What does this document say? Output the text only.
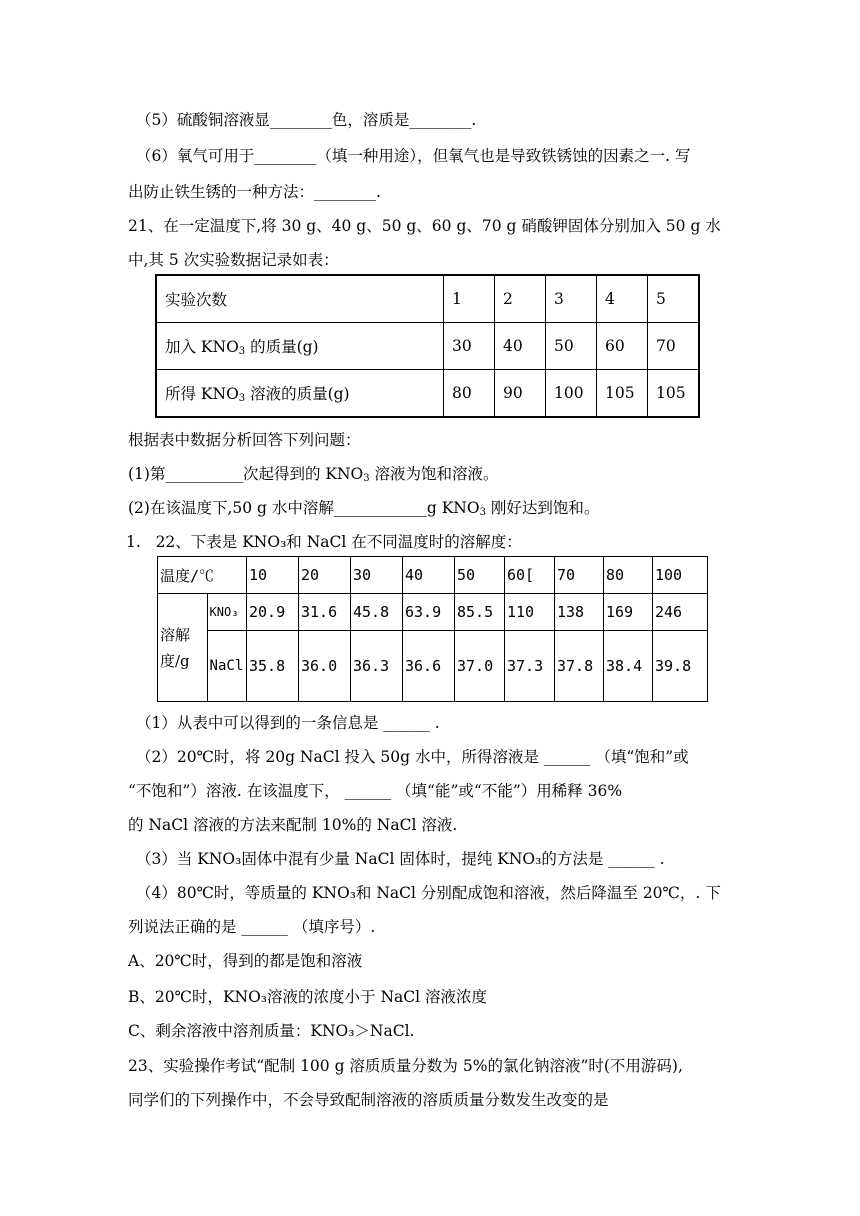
（5）硫酸铜溶液显________色，溶质是________.
（6）氧气可用于________（填一种用途），但氧气也是导致铁锈蚀的因素之一. 写
出防止铁生锈的一种方法：________.
21、在一定温度下,将 30 g、40 g、50 g、60 g、70 g 硝酸钾固体分别加入 50 g 水
中,其 5 次实验数据记录如表：
实验次数	1	2	3	4	5
加入 $KNO_3$ 的质量(g)	30	40	50	60	70
所得 $KNO_3$ 溶液的质量(g)	80	90	100	105	105
根据表中数据分析回答下列问题：
(1)第__________次起得到的 $KNO_3$ 溶液为饱和溶液。
(2)在该温度下,50 g 水中溶解____________g $KNO_3$ 刚好达到饱和。
1.   22、下表是 KNO₃和 NaCl 在不同温度时的溶解度：
温度/℃		10	20	30	40	50	60[	70	80	100
溶解度/g	KNO₃	20.9	31.6	45.8	63.9	85.5	110	138	169	246
	NaCl	35.8	36.0	36.3	36.6	37.0	37.3	37.8	38.4	39.8
（1）从表中可以得到的一条信息是 ______ .
（2）20℃时，将 20g NaCl 投入 50g 水中，所得溶液是 ______ （填“饱和”或
“不饱和”）溶液. 在该温度下， ______ （填“能”或“不能”）用稀释 36%
的 NaCl 溶液的方法来配制 10%的 NaCl 溶液.
（3）当 KNO₃固体中混有少量 NaCl 固体时，提纯 KNO₃的方法是 ______ .
（4）80℃时，等质量的 KNO₃和 NaCl 分别配成饱和溶液，然后降温至 20℃，. 下
列说法正确的是 ______ （填序号）.
A、20℃时，得到的都是饱和溶液
B、20℃时，KNO₃溶液的浓度小于 NaCl 溶液浓度
C、剩余溶液中溶剂质量：KNO₃＞NaCl.
23、实验操作考试“配制 100 g 溶质质量分数为 5%的氯化钠溶液”时(不用游码),
同学们的下列操作中，不会导致配制溶液的溶质质量分数发生改变的是
